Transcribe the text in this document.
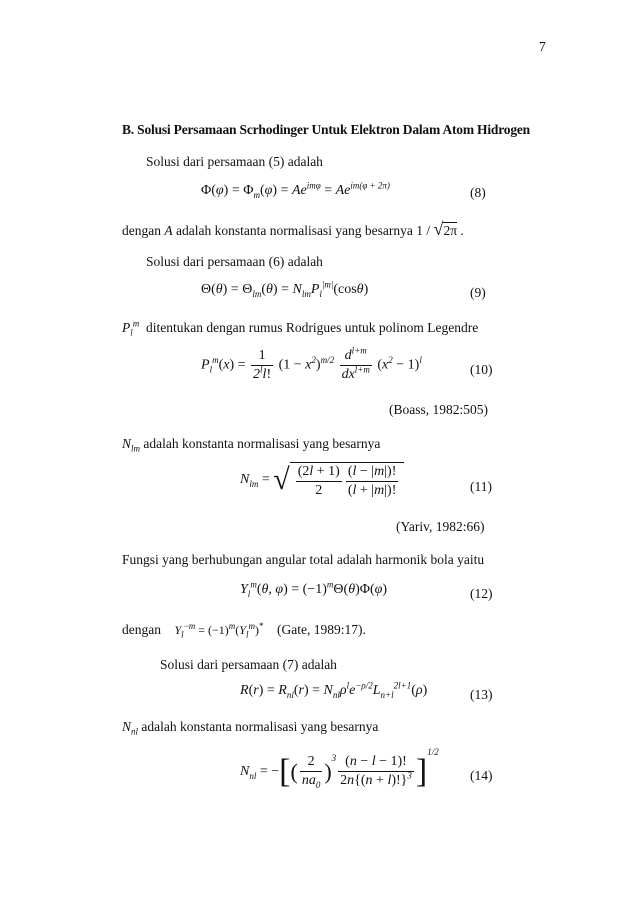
7
B. Solusi Persamaan Scrhodinger Untuk Elektron Dalam Atom Hidrogen
Solusi dari persamaan (5) adalah
$\Phi(\varphi) = \Phi_m(\varphi) = Ae^{im\varphi} = Ae^{im(\varphi + 2\pi)}$	(8)
dengan A adalah konstanta normalisasi yang besarnya 1 / √2π .
Solusi dari persamaan (6) adalah
$\Theta(\theta) = \Theta_{lm}(\theta) = N_{lm}P_l^{|m|}(\cos\theta)$	(9)
$P_l^m$ ditentukan dengan rumus Rodrigues untuk polinom Legendre
$P_l^m(x) = \frac{1}{2^ll!} (1 - x^2)^{m/2} \frac{d^{l+m}}{dx^{l+m}} (x^2 - 1)^l$
(10)
(Boass, 1982:505)
$N_{lm}$ adalah konstanta normalisasi yang besarnya
$N_{lm}$ = √ $\frac{(2l + 1)}{2} \frac{(l - |m|)!}{(l + |m|)!}$	(11)
(Yariv, 1982:66)
Fungsi yang berhubungan angular total adalah harmonik bola yaitu
$Y_l^m(\theta$, $\varphi) = (-1)^m\Theta(\theta)\Phi(\varphi)$	(12)
dengan $Y_l^{-m} = (-1)^m(Y_l^m)^*$ (Gate, 1989:17).
Solusi dari persamaan (7) adalah
$R(r) = R_{nl}(r) = N_{nl}\rho^le^{-\rho/2}L_{n+l}^{2l+1}(\rho)$	(13)
$N_{nl}$ adalah konstanta normalisasi yang besarnya
$N_{nl}$ = −[( $\frac{2}{na_0} )^3 \frac{(n - l - 1)!}{2n\{(n + l)!\}^3} ]^{1/2}$
(14)
